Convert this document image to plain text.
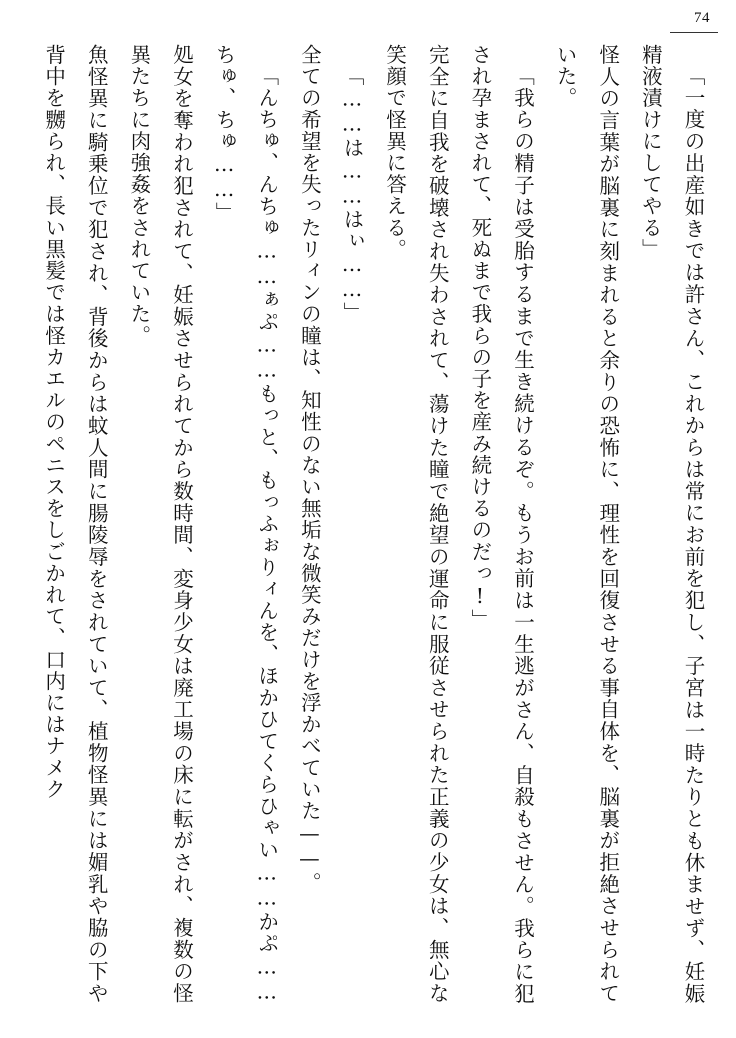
74

「一度の出産如きでは許さん、これからは常にお前を犯し、子宮は一時たりとも休ませず、妊娠精液漬けにしてやる」

怪人の言葉が脳裏に刻まれると余りの恐怖に、理性を回復させる事自体を、脳裏が拒絶させられていた。

「我らの精子は受胎するまで生き続けるぞ。もうお前は一生逃がさん、自殺もさせん。我らに犯され孕まされて、死ぬまで我らの子を産み続けるのだっ!」

完全に自我を破壊され失わされて、蕩けた瞳で絶望の運命に服従させられた正義の少女は、無心な笑顔で怪異に答える。

「……は……はぃ……」

全ての希望を失ったリィンの瞳は、知性のない無垢な微笑みだけを浮かべていた——。

「んちゅ、んちゅ……ぁぷ……もっと、もっふぉりィんを、ほかひてくらひゃい……かぷ……ちゅ、ちゅ……」

処女を奪われ犯されて、妊娠させられてから数時間、変身少女は廃工場の床に転がされ、複数の怪異たちに肉強姦をされていた。

魚怪異に騎乗位で犯され、背後からは蚊人間に腸陵辱をされていて、植物怪異には媚乳や脇の下や背中を嬲られ、長い黒髪では怪カエルのペニスをしごかれて、口内にはナメク
